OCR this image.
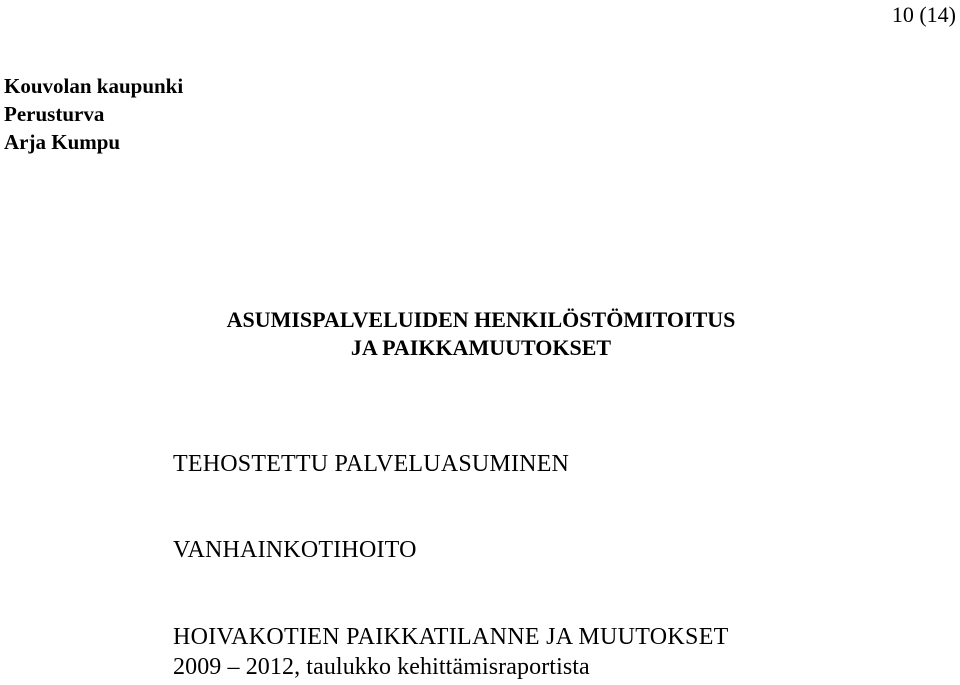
10 (14)
Kouvolan kaupunki
Perusturva
Arja Kumpu
ASUMISPALVELUIDEN HENKILÖSTÖMITOITUS
JA PAIKKAMUUTOKSET
TEHOSTETTU PALVELUASUMINEN
VANHAINKOTIHOITO
HOIVAKOTIEN PAIKKATILANNE JA MUUTOKSET
2009 – 2012, taulukko kehittämisraportista
